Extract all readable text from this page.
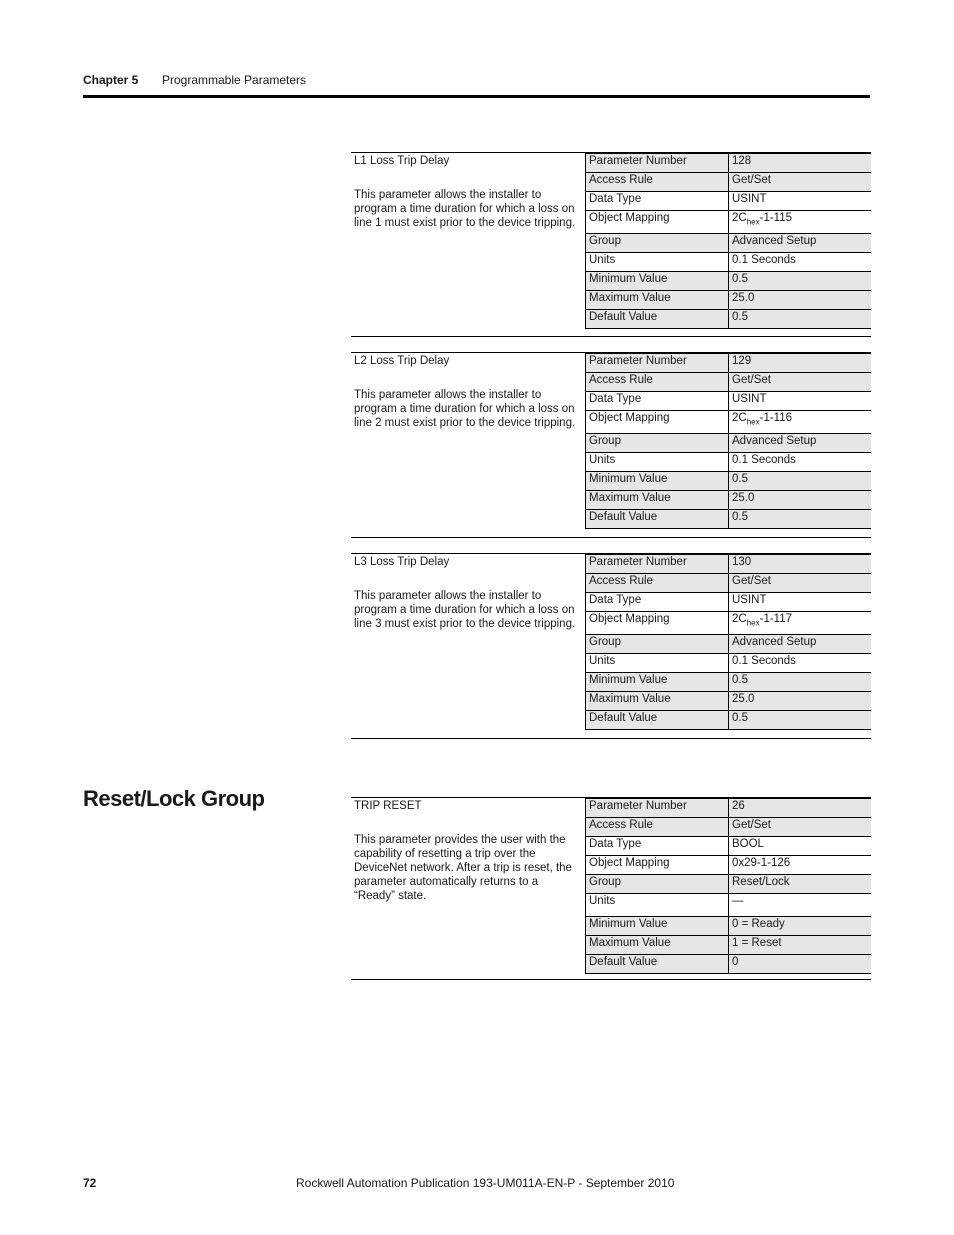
Chapter 5 Programmable Parameters
L1 Loss Trip Delay
This parameter allows the installer to program a time duration for which a loss on line 1 must exist prior to the device tripping.
Parameter Number	128
Access Rule	Get/Set
Data Type	USINT
Object Mapping	$2C_{hex}-1-115$
Group	Advanced Setup
Units	0.1 Seconds
Minimum Value	0.5
Maximum Value	25.0
Default Value	0.5
L2 Loss Trip Delay
This parameter allows the installer to program a time duration for which a loss on line 2 must exist prior to the device tripping.
Parameter Number	129
Access Rule	Get/Set
Data Type	USINT
Object Mapping	$2C_{hex}-1-116$
Group	Advanced Setup
Units	0.1 Seconds
Minimum Value	0.5
Maximum Value	25.0
Default Value	0.5
L3 Loss Trip Delay
This parameter allows the installer to program a time duration for which a loss on line 3 must exist prior to the device tripping.
Parameter Number	130
Access Rule	Get/Set
Data Type	USINT
Object Mapping	$2C_{hex}-1-117$
Group	Advanced Setup
Units	0.1 Seconds
Minimum Value	0.5
Maximum Value	25.0
Default Value	0.5
Reset/Lock Group	TRIP RESET
This parameter provides the user with the capability of resetting a trip over the DeviceNet network. After a trip is reset, the parameter automatically returns to a “Ready” state.
Parameter Number	26
Access Rule	Get/Set
Data Type	BOOL
Object Mapping	0x29-1-126
Group	Reset/Lock
Units	—
Minimum Value	0 = Ready
Maximum Value	1 = Reset
Default Value	0
72	Rockwell Automation Publication 193-UM011A-EN-P - September 2010
